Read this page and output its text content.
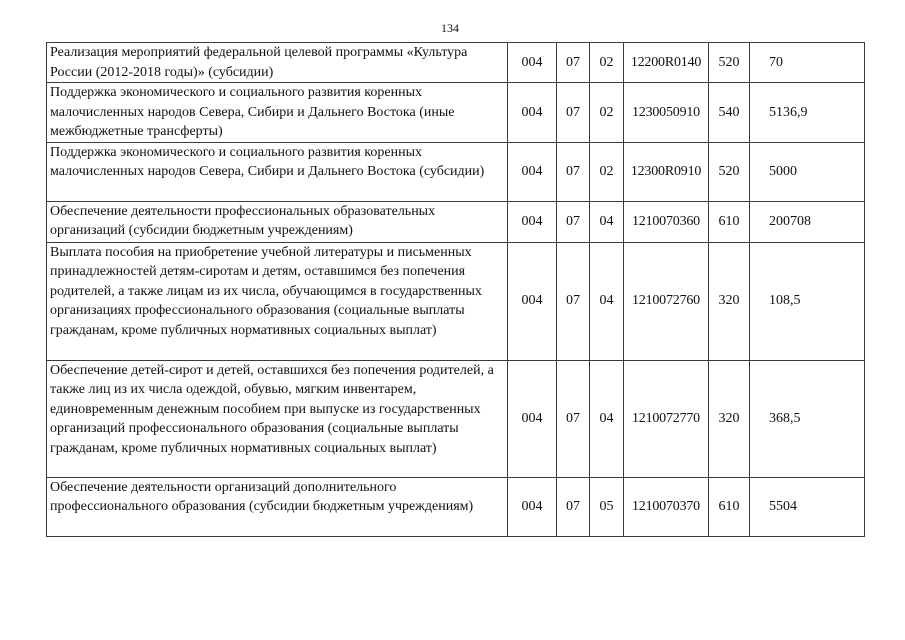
134
Реализация мероприятий федеральной целевой программы «Культура России (2012-2018 годы)» (субсидии)	004	07	02	12200R0140	520	70
Поддержка экономического и социального развития коренных малочисленных народов Севера, Сибири и Дальнего Востока (иные межбюджетные трансферты)	004	07	02	1230050910	540	5136,9
Поддержка экономического и социального развития коренных малочисленных народов Севера, Сибири и Дальнего Востока (субсидии)	004	07	02	12300R0910	520	5000
Обеспечение деятельности профессиональных образовательных организаций (субсидии бюджетным учреждениям)	004	07	04	1210070360	610	200708
Выплата пособия на приобретение учебной литературы и письменных принадлежностей детям-сиротам и детям, оставшимся без попечения родителей, а также лицам из их числа, обучающимся в государственных организациях профессионального образования (социальные выплаты гражданам, кроме публичных нормативных социальных выплат)	004	07	04	1210072760	320	108,5
Обеспечение детей-сирот и детей, оставшихся без попечения родителей, а также лиц из их числа одеждой, обувью, мягким инвентарем, единовременным денежным пособием при выпуске из государственных организаций профессионального образования (социальные выплаты гражданам, кроме публичных нормативных социальных выплат)	004	07	04	1210072770	320	368,5
Обеспечение деятельности организаций дополнительного профессионального образования (субсидии бюджетным учреждениям)	004	07	05	1210070370	610	5504
